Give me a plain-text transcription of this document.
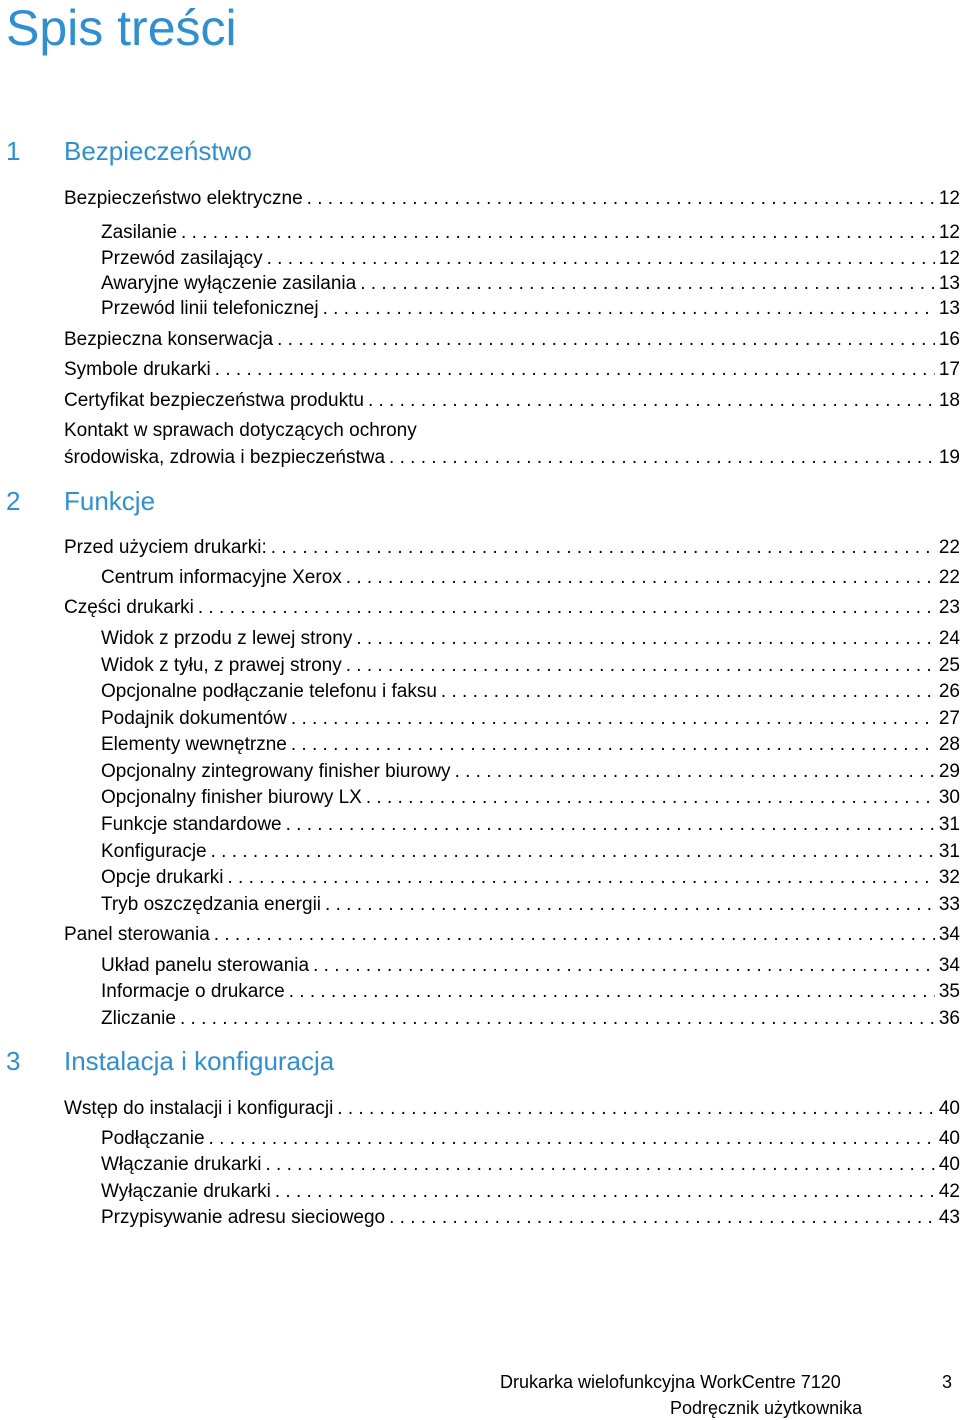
Spis treści
1 Bezpieczeństwo
Bezpieczeństwo elektryczne . . .	12
Zasilanie . . .	12
Przewód zasilający . . .	12
Awaryjne wyłączenie zasilania . . .	13
Przewód linii telefonicznej . . .	13
Bezpieczna konserwacja . . .	16
Symbole drukarki . . .	17
Certyfikat bezpieczeństwa produktu . . .	18
Kontakt w sprawach dotyczących ochrony
środowiska, zdrowia i bezpieczeństwa . . .	19
2 Funkcje
Przed użyciem drukarki: . . .	22
Centrum informacyjne Xerox . . .	22
Części drukarki . . .	23
Widok z przodu z lewej strony . . .	24
Widok z tyłu, z prawej strony . . .	25
Opcjonalne podłączanie telefonu i faksu . . .	26
Podajnik dokumentów . . .	27
Elementy wewnętrzne . . .	28
Opcjonalny zintegrowany finisher biurowy . . .	29
Opcjonalny finisher biurowy LX . . .	30
Funkcje standardowe . . .	31
Konfiguracje . . .	31
Opcje drukarki . . .	32
Tryb oszczędzania energii . . .	33
Panel sterowania . . .	34
Układ panelu sterowania . . .	34
Informacje o drukarce . . .	35
Zliczanie . . .	36
3 Instalacja i konfiguracja
Wstęp do instalacji i konfiguracji . . .	40
Podłączanie . . .	40
Włączanie drukarki . . .	40
Wyłączanie drukarki . . .	42
Przypisywanie adresu sieciowego . . .	43
Drukarka wielofunkcyjna WorkCentre 7120
Podręcznik użytkownika
3
